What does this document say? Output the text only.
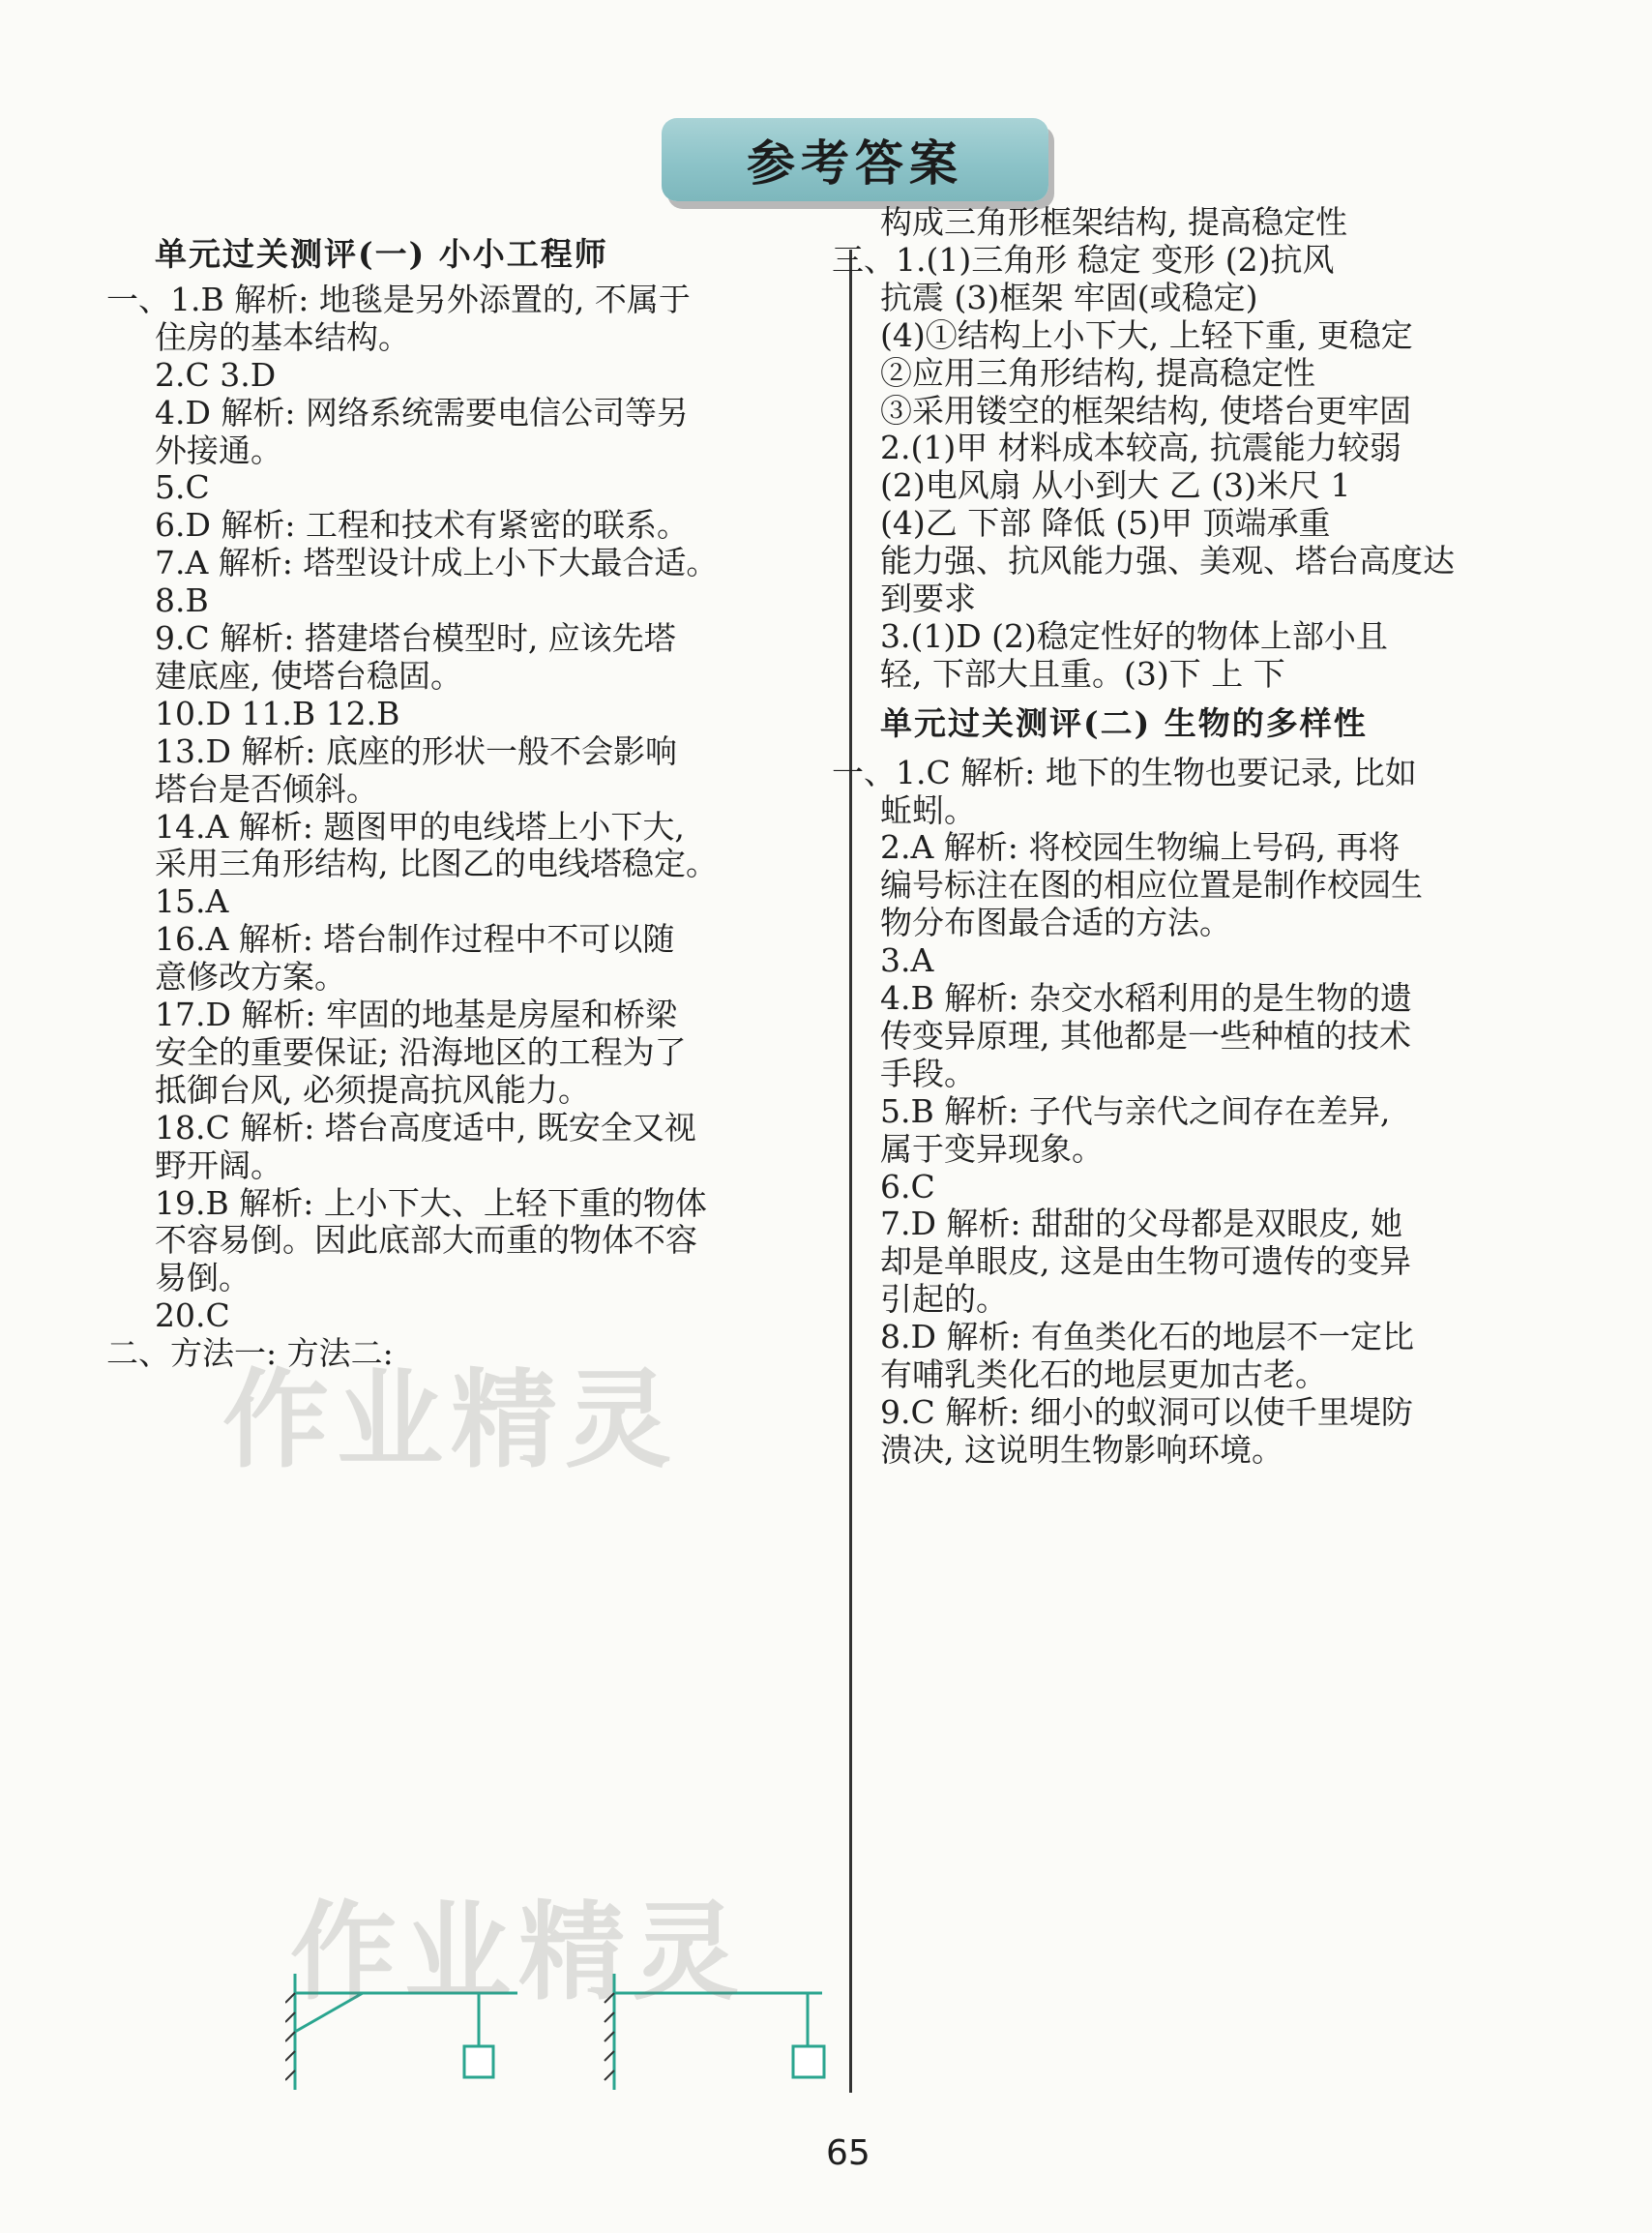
参考答案
单元过关测评(一) 小小工程师
一、1.B 解析: 地毯是另外添置的, 不属于
住房的基本结构。
2.C 3.D
4.D 解析: 网络系统需要电信公司等另
外接通。
5.C
6.D 解析: 工程和技术有紧密的联系。
7.A 解析: 塔型设计成上小下大最合适。
8.B
9.C 解析: 搭建塔台模型时, 应该先塔
建底座, 使塔台稳固。
10.D 11.B 12.B
13.D 解析: 底座的形状一般不会影响
塔台是否倾斜。
14.A 解析: 题图甲的电线塔上小下大,
采用三角形结构, 比图乙的电线塔稳定。
15.A
16.A 解析: 塔台制作过程中不可以随
意修改方案。
17.D 解析: 牢固的地基是房屋和桥梁
安全的重要保证; 沿海地区的工程为了
抵御台风, 必须提高抗风能力。
18.C 解析: 塔台高度适中, 既安全又视
野开阔。
19.B 解析: 上小下大、上轻下重的物体
不容易倒。因此底部大而重的物体不容
易倒。
20.C
二、方法一: 方法二:
构成三角形框架结构, 提高稳定性
三、1.(1)三角形 稳定 变形 (2)抗风
抗震 (3)框架 牢固(或稳定)
(4)①结构上小下大, 上轻下重, 更稳定
②应用三角形结构, 提高稳定性
③采用镂空的框架结构, 使塔台更牢固
2.(1)甲 材料成本较高, 抗震能力较弱
(2)电风扇 从小到大 乙 (3)米尺 1
(4)乙 下部 降低 (5)甲 顶端承重
能力强、抗风能力强、美观、塔台高度达
到要求
3.(1)D (2)稳定性好的物体上部小且
轻, 下部大且重。(3)下 上 下
单元过关测评(二) 生物的多样性
一、1.C 解析: 地下的生物也要记录, 比如
蚯蚓。
2.A 解析: 将校园生物编上号码, 再将
编号标注在图的相应位置是制作校园生
物分布图最合适的方法。
3.A
4.B 解析: 杂交水稻利用的是生物的遗
传变异原理, 其他都是一些种植的技术
手段。
5.B 解析: 子代与亲代之间存在差异,
属于变异现象。
6.C
7.D 解析: 甜甜的父母都是双眼皮, 她
却是单眼皮, 这是由生物可遗传的变异
引起的。
8.D 解析: 有鱼类化石的地层不一定比
有哺乳类化石的地层更加古老。
9.C 解析: 细小的蚁洞可以使千里堤防
溃决, 这说明生物影响环境。
作业精灵
作业精灵
65
